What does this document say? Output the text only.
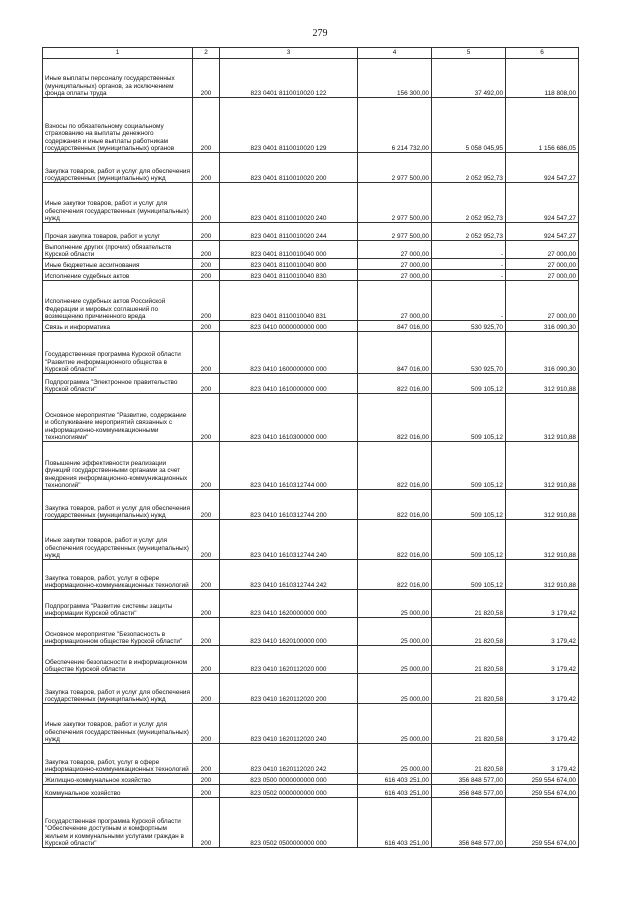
279
1	2	3	4	5	6
Иные выплаты персоналу государственных (муниципальных) органов, за исключением фонда оплаты труда	200	823 0401 8110010020 122	156 300,00	37 492,00	118 808,00
Взносы по обязательному социальному страхованию на выплаты денежного содержания и иные выплаты работникам государственных (муниципальных) органов	200	823 0401 8110010020 129	6 214 732,00	5 058 045,95	1 156 686,05
Закупка товаров, работ и услуг для обеспечения государственных (муниципальных) нужд	200	823 0401 8110010020 200	2 977 500,00	2 052 952,73	924 547,27
Иные закупки товаров, работ и услуг для обеспечения государственных (муниципальных) нужд	200	823 0401 8110010020 240	2 977 500,00	2 052 952,73	924 547,27
Прочая закупка товаров, работ и услуг	200	823 0401 8110010020 244	2 977 500,00	2 052 952,73	924 547,27
Выполнение других (прочих) обязательств Курской области	200	823 0401 8110010040 000	27 000,00	-	27 000,00
Иные бюджетные ассигнования	200	823 0401 8110010040 800	27 000,00	-	27 000,00
Исполнение судебных актов	200	823 0401 8110010040 830	27 000,00	-	27 000,00
Исполнение судебных актов Российской Федерации и мировых соглашений по возмещению причиненного вреда	200	823 0401 8110010040 831	27 000,00	-	27 000,00
Связь и информатика	200	823 0410 0000000000 000	847 016,00	530 925,70	316 090,30
Государственная программа Курской области "Развитие информационного общества в Курской области"	200	823 0410 1600000000 000	847 016,00	530 925,70	316 090,30
Подпрограмма "Электронное правительство Курской области"	200	823 0410 1610000000 000	822 016,00	509 105,12	312 910,88
Основное мероприятие "Развитие, содержание и обслуживание мероприятий связанных с информационно-коммуникационными технологиями"	200	823 0410 1610300000 000	822 016,00	509 105,12	312 910,88
Повышение эффективности реализации функций государственными органами за счет внедрения информационно-коммуникационных технологий"	200	823 0410 1610312744 000	822 016,00	509 105,12	312 910,88
Закупка товаров, работ и услуг для обеспечения государственных (муниципальных) нужд	200	823 0410 1610312744 200	822 016,00	509 105,12	312 910,88
Иные закупки товаров, работ и услуг для обеспечения государственных (муниципальных) нужд	200	823 0410 1610312744 240	822 016,00	509 105,12	312 910,88
Закупка товаров, работ, услуг в сфере информационно-коммуникационных технологий	200	823 0410 1610312744 242	822 016,00	509 105,12	312 910,88
Подпрограмма "Развитие системы защиты информации Курской области"	200	823 0410 1620000000 000	25 000,00	21 820,58	3 179,42
Основное мероприятие "Безопасность в информационном обществе Курской области"	200	823 0410 1620100000 000	25 000,00	21 820,58	3 179,42
Обеспечение безопасности в информационном обществе Курской области	200	823 0410 1620112020 000	25 000,00	21 820,58	3 179,42
Закупка товаров, работ и услуг для обеспечения государственных (муниципальных) нужд	200	823 0410 1620112020 200	25 000,00	21 820,58	3 179,42
Иные закупки товаров, работ и услуг для обеспечения государственных (муниципальных) нужд	200	823 0410 1620112020 240	25 000,00	21 820,58	3 179,42
Закупка товаров, работ, услуг в сфере информационно-коммуникационных технологий	200	823 0410 1620112020 242	25 000,00	21 820,58	3 179,42
Жилищно-коммунальное хозяйство	200	823 0500 0000000000 000	616 403 251,00	356 848 577,00	259 554 674,00
Коммунальное хозяйство	200	823 0502 0000000000 000	616 403 251,00	356 848 577,00	259 554 674,00
Государственная программа Курской области "Обеспечение доступным и комфортным жильем и коммунальными услугами граждан в Курской области"	200	823 0502 0500000000 000	616 403 251,00	356 848 577,00	259 554 674,00
